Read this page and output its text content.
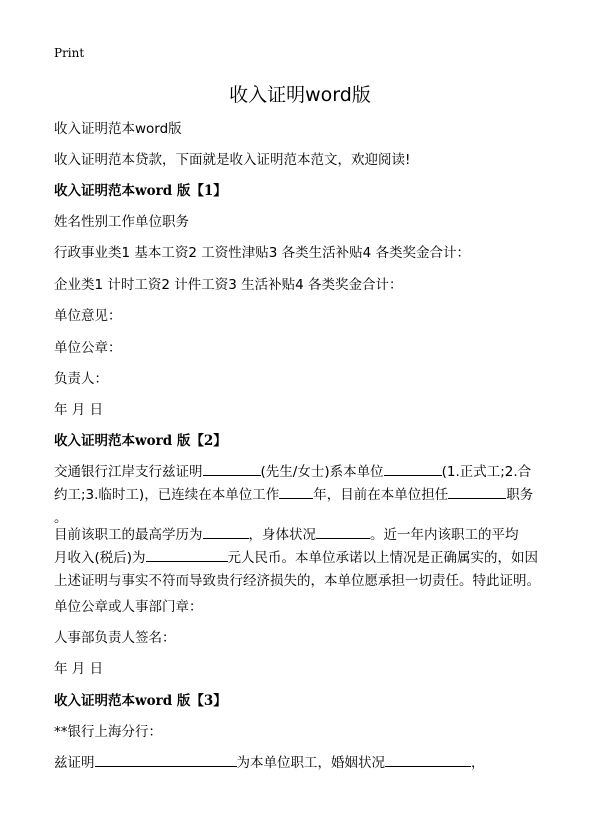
Print
收入证明word版
收入证明范本word版
收入证明范本贷款，下面就是收入证明范本范文，欢迎阅读!
收入证明范本word 版【1】
姓名性别工作单位职务
行政事业类1 基本工资2 工资性津贴3 各类生活补贴4 各类奖金合计：
企业类1 计时工资2 计件工资3 生活补贴4 各类奖金合计：
单位意见：
单位公章：
负责人：
年 月 日
收入证明范本word 版【2】
交通银行江岸支行兹证明	(先生/女士)系本单位	(1.正式工;2.合
约工;3.临时工)，已连续在本单位工作	年，目前在本单位担任	职务
。
目前该职工的最高学历为	，身体状况	。近一年内该职工的平均
月收入(税后)为	元人民币。本单位承诺以上情况是正确属实的，如因
上述证明与事实不符而导致贵行经济损失的，本单位愿承担一切责任。特此证明。
单位公章或人事部门章：
人事部负责人签名：
年 月 日
收入证明范本word 版【3】
**银行上海分行：
兹证明	为本单位职工，婚姻状况	，
